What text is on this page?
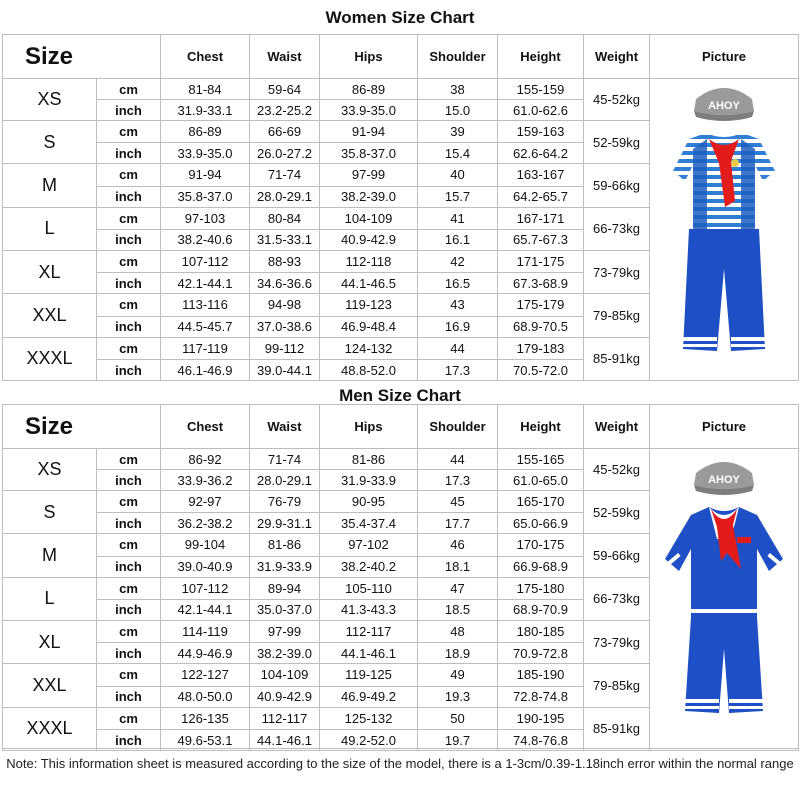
Women Size Chart
Size		Chest	Waist	Hips	Shoulder	Height	Weight	Picture
XS	cm	81-84	59-64	86-89	38	155-159	45-52kg	AHOY

	inch	31.9-33.1	23.2-25.2	33.9-35.0	15.0	61.0-62.6		
S	cm	86-89	66-69	91-94	39	159-163	52-59kg	
	inch	33.9-35.0	26.0-27.2	35.8-37.0	15.4	62.6-64.2		
M	cm	91-94	71-74	97-99	40	163-167	59-66kg	
	inch	35.8-37.0	28.0-29.1	38.2-39.0	15.7	64.2-65.7		
L	cm	97-103	80-84	104-109	41	167-171	66-73kg	
	inch	38.2-40.6	31.5-33.1	40.9-42.9	16.1	65.7-67.3		
XL	cm	107-112	88-93	112-118	42	171-175	73-79kg	
	inch	42.1-44.1	34.6-36.6	44.1-46.5	16.5	67.3-68.9		
XXL	cm	113-116	94-98	119-123	43	175-179	79-85kg	
	inch	44.5-45.7	37.0-38.6	46.9-48.4	16.9	68.9-70.5		
XXXL	cm	117-119	99-112	124-132	44	179-183	85-91kg	
	inch	46.1-46.9	39.0-44.1	48.8-52.0	17.3	70.5-72.0		
Men Size Chart
Size		Chest	Waist	Hips	Shoulder	Height	Weight	Picture
XS	cm	86-92	71-74	81-86	44	155-165	45-52kg	AHOY

	inch	33.9-36.2	28.0-29.1	31.9-33.9	17.3	61.0-65.0		
S	cm	92-97	76-79	90-95	45	165-170	52-59kg	
	inch	36.2-38.2	29.9-31.1	35.4-37.4	17.7	65.0-66.9		
M	cm	99-104	81-86	97-102	46	170-175	59-66kg	
	inch	39.0-40.9	31.9-33.9	38.2-40.2	18.1	66.9-68.9		
L	cm	107-112	89-94	105-110	47	175-180	66-73kg	
	inch	42.1-44.1	35.0-37.0	41.3-43.3	18.5	68.9-70.9		
XL	cm	114-119	97-99	112-117	48	180-185	73-79kg	
	inch	44.9-46.9	38.2-39.0	44.1-46.1	18.9	70.9-72.8		
XXL	cm	122-127	104-109	119-125	49	185-190	79-85kg	
	inch	48.0-50.0	40.9-42.9	46.9-49.2	19.3	72.8-74.8		
XXXL	cm	126-135	112-117	125-132	50	190-195	85-91kg	
	inch	49.6-53.1	44.1-46.1	49.2-52.0	19.7	74.8-76.8		
Note: This information sheet is measured according to the size of the model, there is a 1-3cm/0.39-1.18inch error within the normal range
